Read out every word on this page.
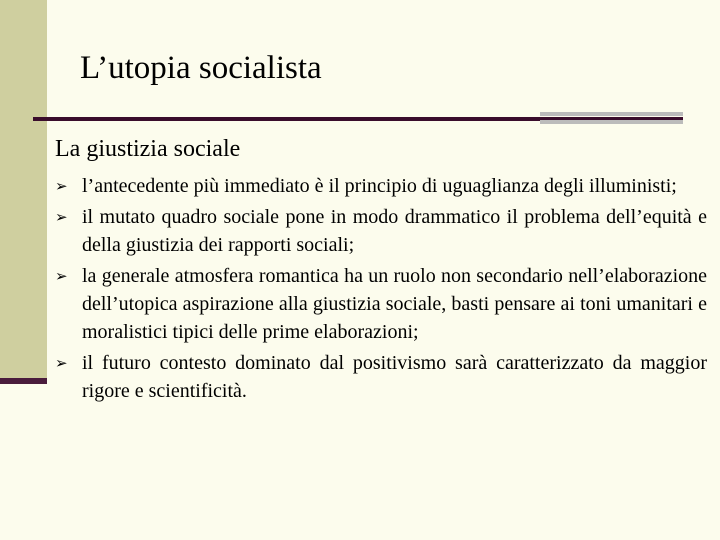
L’utopia socialista
La giustizia sociale
➢ l’antecedente più immediato è il principio di uguaglianza degli illuministi;
➢ il mutato quadro sociale pone in modo drammatico il problema dell’equità e della giustizia dei rapporti sociali;
➢ la generale atmosfera romantica ha un ruolo non secondario nell’elaborazione dell’utopica aspirazione alla giustizia sociale, basti pensare ai toni umanitari e moralistici tipici delle prime elaborazioni;
➢ il futuro contesto dominato dal positivismo sarà caratterizzato da maggior rigore e scientificità.
